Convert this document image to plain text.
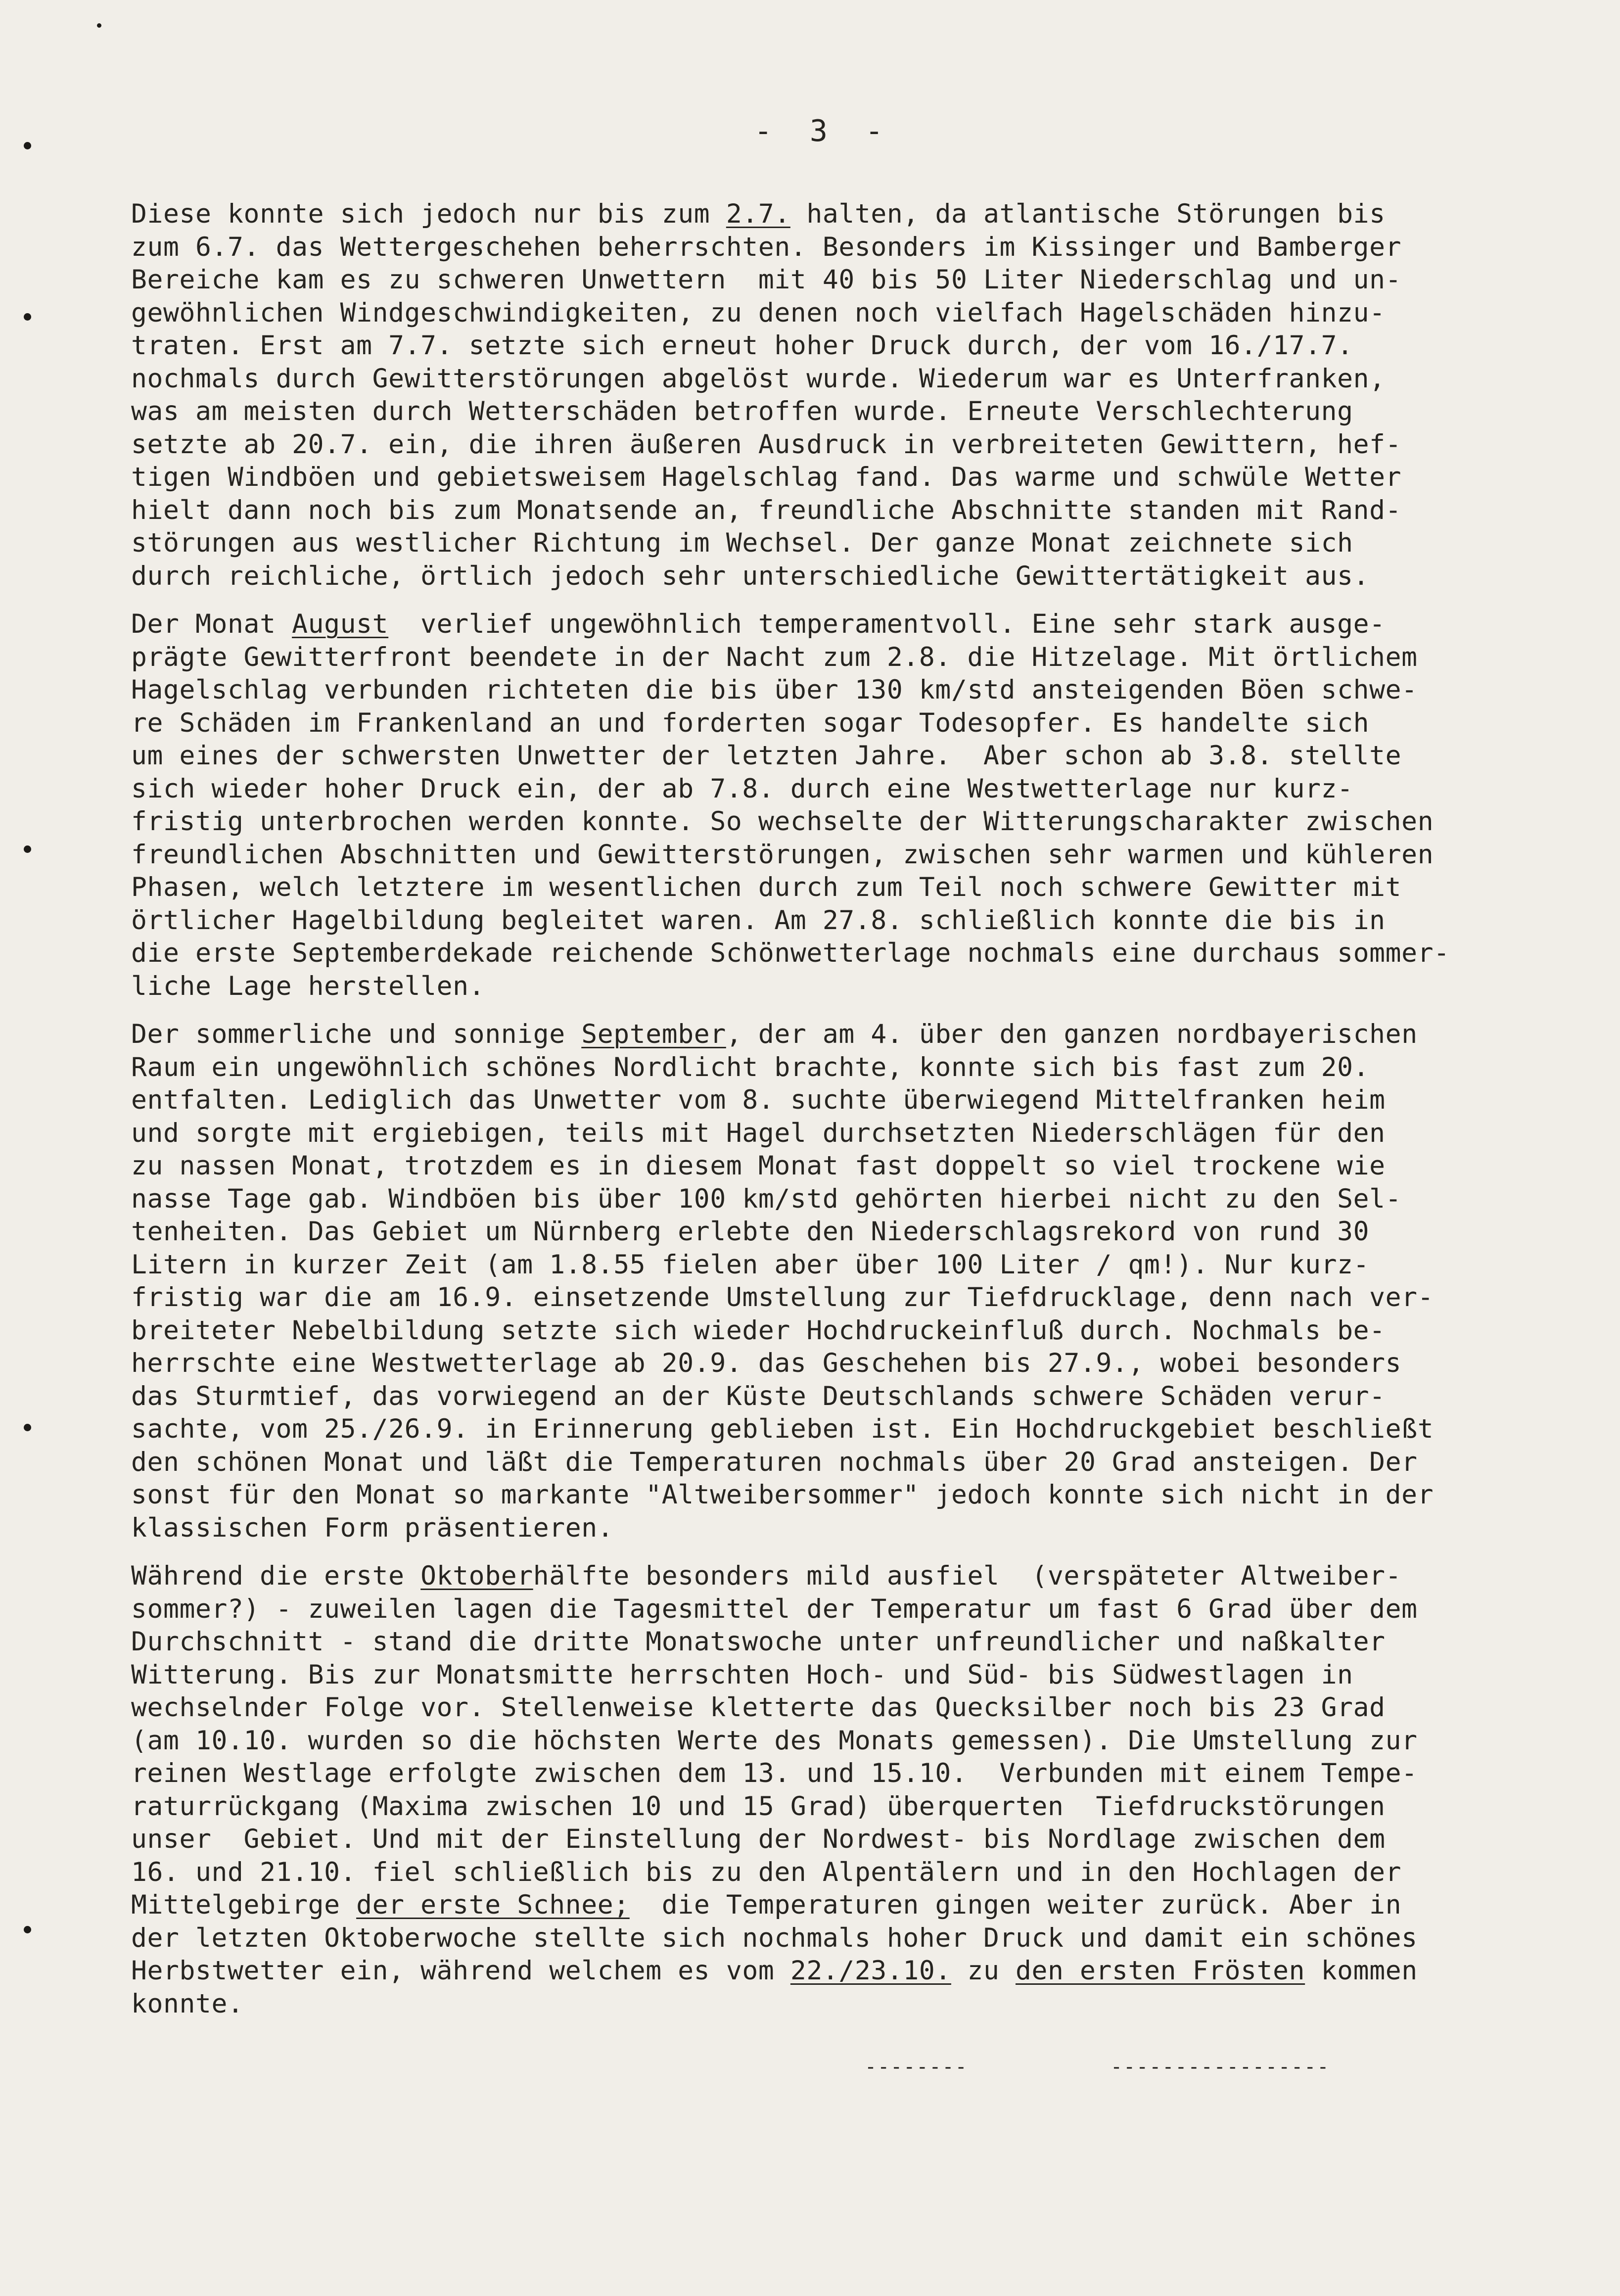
- 3 -
Diese konnte sich jedoch nur bis zum 2.7. halten, da atlantische Störungen bis
zum 6.7. das Wettergeschehen beherrschten. Besonders im Kissinger und Bamberger
Bereiche kam es zu schweren Unwettern  mit 40 bis 50 Liter Niederschlag und un-
gewöhnlichen Windgeschwindigkeiten, zu denen noch vielfach Hagelschäden hinzu-
traten. Erst am 7.7. setzte sich erneut hoher Druck durch, der vom 16./17.7.
nochmals durch Gewitterstörungen abgelöst wurde. Wiederum war es Unterfranken,
was am meisten durch Wetterschäden betroffen wurde. Erneute Verschlechterung
setzte ab 20.7. ein, die ihren äußeren Ausdruck in verbreiteten Gewittern, hef-
tigen Windböen und gebietsweisem Hagelschlag fand. Das warme und schwüle Wetter
hielt dann noch bis zum Monatsende an, freundliche Abschnitte standen mit Rand-
störungen aus westlicher Richtung im Wechsel. Der ganze Monat zeichnete sich
durch reichliche, örtlich jedoch sehr unterschiedliche Gewittertätigkeit aus.
Der Monat August  verlief ungewöhnlich temperamentvoll. Eine sehr stark ausge-
prägte Gewitterfront beendete in der Nacht zum 2.8. die Hitzelage. Mit örtlichem
Hagelschlag verbunden richteten die bis über 130 km/std ansteigenden Böen schwe-
re Schäden im Frankenland an und forderten sogar Todesopfer. Es handelte sich
um eines der schwersten Unwetter der letzten Jahre.  Aber schon ab 3.8. stellte
sich wieder hoher Druck ein, der ab 7.8. durch eine Westwetterlage nur kurz-
fristig unterbrochen werden konnte. So wechselte der Witterungscharakter zwischen
freundlichen Abschnitten und Gewitterstörungen, zwischen sehr warmen und kühleren
Phasen, welch letztere im wesentlichen durch zum Teil noch schwere Gewitter mit
örtlicher Hagelbildung begleitet waren. Am 27.8. schließlich konnte die bis in
die erste Septemberdekade reichende Schönwetterlage nochmals eine durchaus sommer-
liche Lage herstellen.
Der sommerliche und sonnige September, der am 4. über den ganzen nordbayerischen
Raum ein ungewöhnlich schönes Nordlicht brachte, konnte sich bis fast zum 20.
entfalten. Lediglich das Unwetter vom 8. suchte überwiegend Mittelfranken heim
und sorgte mit ergiebigen, teils mit Hagel durchsetzten Niederschlägen für den
zu nassen Monat, trotzdem es in diesem Monat fast doppelt so viel trockene wie
nasse Tage gab. Windböen bis über 100 km/std gehörten hierbei nicht zu den Sel-
tenheiten. Das Gebiet um Nürnberg erlebte den Niederschlagsrekord von rund 30
Litern in kurzer Zeit (am 1.8.55 fielen aber über 100 Liter / qm!). Nur kurz-
fristig war die am 16.9. einsetzende Umstellung zur Tiefdrucklage, denn nach ver-
breiteter Nebelbildung setzte sich wieder Hochdruckeinfluß durch. Nochmals be-
herrschte eine Westwetterlage ab 20.9. das Geschehen bis 27.9., wobei besonders
das Sturmtief, das vorwiegend an der Küste Deutschlands schwere Schäden verur-
sachte, vom 25./26.9. in Erinnerung geblieben ist. Ein Hochdruckgebiet beschließt
den schönen Monat und läßt die Temperaturen nochmals über 20 Grad ansteigen. Der
sonst für den Monat so markante "Altweibersommer" jedoch konnte sich nicht in der
klassischen Form präsentieren.
Während die erste Oktoberhälfte besonders mild ausfiel  (verspäteter Altweiber-
sommer?) - zuweilen lagen die Tagesmittel der Temperatur um fast 6 Grad über dem
Durchschnitt - stand die dritte Monatswoche unter unfreundlicher und naßkalter
Witterung. Bis zur Monatsmitte herrschten Hoch- und Süd- bis Südwestlagen in
wechselnder Folge vor. Stellenweise kletterte das Quecksilber noch bis 23 Grad
(am 10.10. wurden so die höchsten Werte des Monats gemessen). Die Umstellung zur
reinen Westlage erfolgte zwischen dem 13. und 15.10.  Verbunden mit einem Tempe-
raturrückgang (Maxima zwischen 10 und 15 Grad) überquerten  Tiefdruckstörungen
unser  Gebiet. Und mit der Einstellung der Nordwest- bis Nordlage zwischen dem
16. und 21.10. fiel schließlich bis zu den Alpentälern und in den Hochlagen der
Mittelgebirge der erste Schnee;  die Temperaturen gingen weiter zurück. Aber in
der letzten Oktoberwoche stellte sich nochmals hoher Druck und damit ein schönes
Herbstwetter ein, während welchem es vom 22./23.10. zu den ersten Frösten kommen
konnte.
--------	-----------------
